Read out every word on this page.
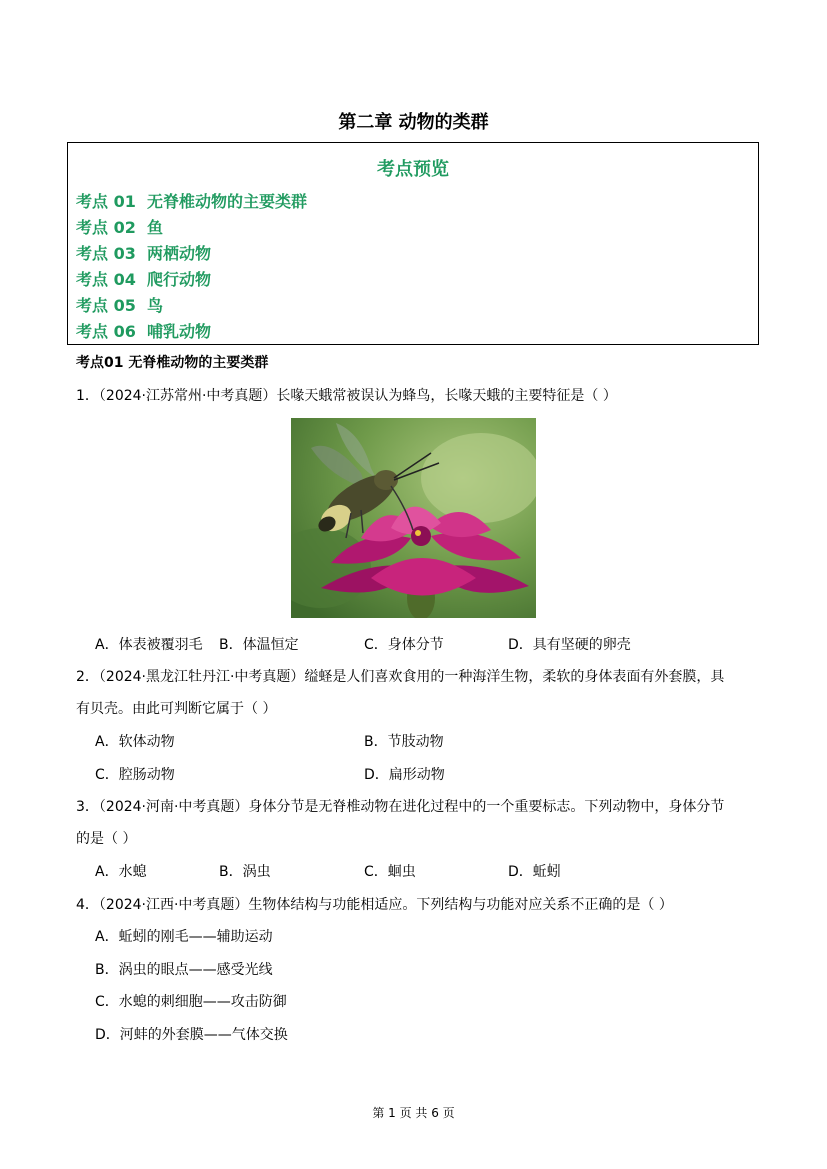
第二章 动物的类群
考点预览
考点 01 无脊椎动物的主要类群
考点 02 鱼
考点 03 两栖动物
考点 04 爬行动物
考点 05 鸟
考点 06 哺乳动物
考点01 无脊椎动物的主要类群
1．（2024·江苏常州·中考真题）长喙天蛾常被误认为蜂鸟，长喙天蛾的主要特征是（ ）
A．体表被覆羽毛 B．体温恒定	C．身体分节	D．具有坚硬的卵壳
2．（2024·黑龙江牡丹江·中考真题）缢蛏是人们喜欢食用的一种海洋生物，柔软的身体表面有外套膜，具
有贝壳。由此可判断它属于（ ）
A．软体动物	B．节肢动物
C．腔肠动物	D．扁形动物
3．（2024·河南·中考真题）身体分节是无脊椎动物在进化过程中的一个重要标志。下列动物中，身体分节
的是（ ）
A．水螅	B．涡虫	C．蛔虫	D．蚯蚓
4．（2024·江西·中考真题）生物体结构与功能相适应。下列结构与功能对应关系不正确的是（ ）
A．蚯蚓的刚毛——辅助运动
B．涡虫的眼点——感受光线
C．水螅的刺细胞——攻击防御
D．河蚌的外套膜——气体交换
第 1 页 共 6 页
